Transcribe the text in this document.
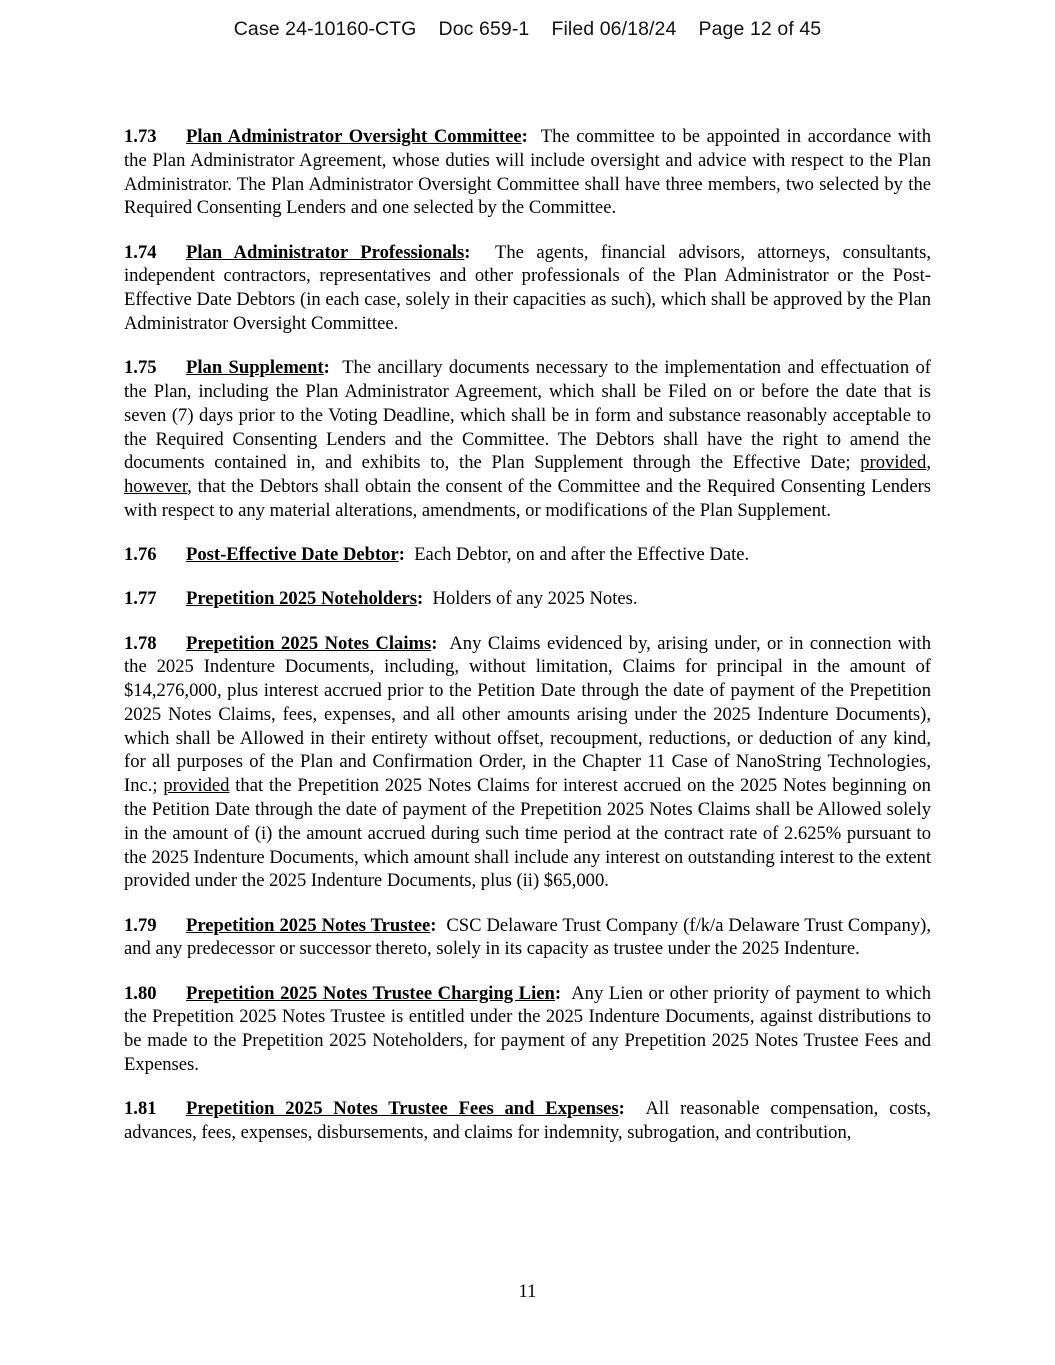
Case 24-10160-CTG    Doc 659-1    Filed 06/18/24    Page 12 of 45

1.73 Plan Administrator Oversight Committee: The committee to be appointed in accordance with the Plan Administrator Agreement, whose duties will include oversight and advice with respect to the Plan Administrator. The Plan Administrator Oversight Committee shall have three members, two selected by the Required Consenting Lenders and one selected by the Committee.

1.74 Plan Administrator Professionals: The agents, financial advisors, attorneys, consultants, independent contractors, representatives and other professionals of the Plan Administrator or the Post-Effective Date Debtors (in each case, solely in their capacities as such), which shall be approved by the Plan Administrator Oversight Committee.

1.75 Plan Supplement: The ancillary documents necessary to the implementation and effectuation of the Plan, including the Plan Administrator Agreement, which shall be Filed on or before the date that is seven (7) days prior to the Voting Deadline, which shall be in form and substance reasonably acceptable to the Required Consenting Lenders and the Committee. The Debtors shall have the right to amend the documents contained in, and exhibits to, the Plan Supplement through the Effective Date; provided, however, that the Debtors shall obtain the consent of the Committee and the Required Consenting Lenders with respect to any material alterations, amendments, or modifications of the Plan Supplement.

1.76 Post-Effective Date Debtor: Each Debtor, on and after the Effective Date.

1.77 Prepetition 2025 Noteholders: Holders of any 2025 Notes.

1.78 Prepetition 2025 Notes Claims: Any Claims evidenced by, arising under, or in connection with the 2025 Indenture Documents, including, without limitation, Claims for principal in the amount of $14,276,000, plus interest accrued prior to the Petition Date through the date of payment of the Prepetition 2025 Notes Claims, fees, expenses, and all other amounts arising under the 2025 Indenture Documents), which shall be Allowed in their entirety without offset, recoupment, reductions, or deduction of any kind, for all purposes of the Plan and Confirmation Order, in the Chapter 11 Case of NanoString Technologies, Inc.; provided that the Prepetition 2025 Notes Claims for interest accrued on the 2025 Notes beginning on the Petition Date through the date of payment of the Prepetition 2025 Notes Claims shall be Allowed solely in the amount of (i) the amount accrued during such time period at the contract rate of 2.625% pursuant to the 2025 Indenture Documents, which amount shall include any interest on outstanding interest to the extent provided under the 2025 Indenture Documents, plus (ii) $65,000.

1.79 Prepetition 2025 Notes Trustee: CSC Delaware Trust Company (f/k/a Delaware Trust Company), and any predecessor or successor thereto, solely in its capacity as trustee under the 2025 Indenture.

1.80 Prepetition 2025 Notes Trustee Charging Lien: Any Lien or other priority of payment to which the Prepetition 2025 Notes Trustee is entitled under the 2025 Indenture Documents, against distributions to be made to the Prepetition 2025 Noteholders, for payment of any Prepetition 2025 Notes Trustee Fees and Expenses.

1.81 Prepetition 2025 Notes Trustee Fees and Expenses: All reasonable compensation, costs, advances, fees, expenses, disbursements, and claims for indemnity, subrogation, and contribution,

11
